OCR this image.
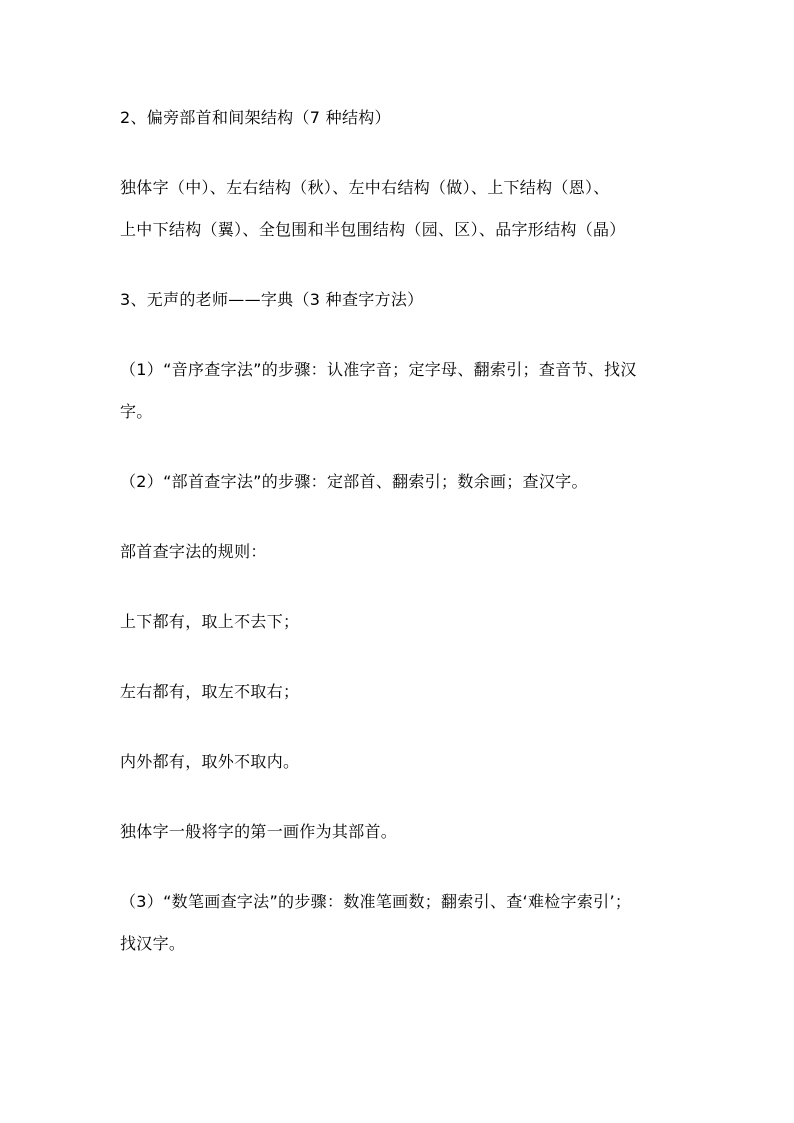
2、偏旁部首和间架结构（7 种结构）

独体字（中）、左右结构（秋）、左中右结构（做）、上下结构（恩）、

上中下结构（翼）、全包围和半包围结构（园、区）、品字形结构（晶）

3、无声的老师——字典（3 种查字方法）

（1）“音序查字法”的步骤：认准字音；定字母、翻索引；查音节、找汉

字。

（2）“部首查字法”的步骤：定部首、翻索引；数余画；查汉字。

部首查字法的规则：

上下都有，取上不去下；

左右都有，取左不取右；

内外都有，取外不取内。

独体字一般将字的第一画作为其部首。

（3）“数笔画查字法”的步骤：数准笔画数；翻索引、查‘难检字索引’；

找汉字。
